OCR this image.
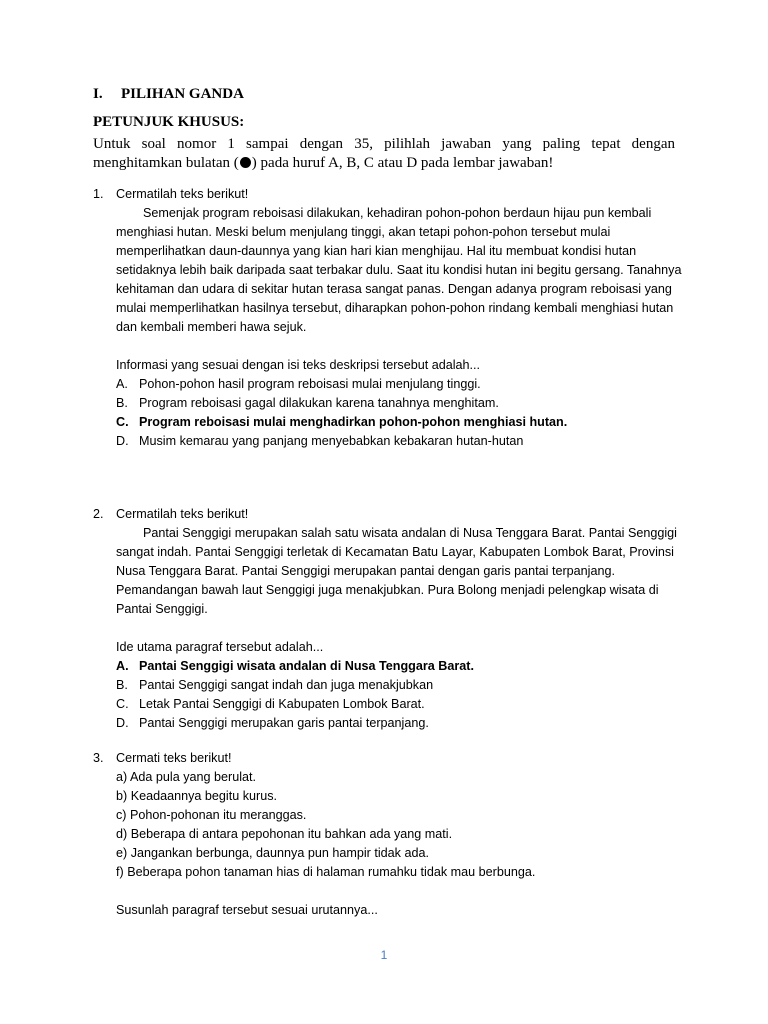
I.	PILIHAN GANDA
PETUNJUK KHUSUS:
Untuk soal nomor 1 sampai dengan 35, pilihlah jawaban yang paling tepat dengan menghitamkan bulatan ( ) pada huruf A, B, C atau D pada lembar jawaban!
1. Cermatilah teks berikut!
Semenjak program reboisasi dilakukan, kehadiran pohon-pohon berdaun hijau pun kembali menghiasi hutan. Meski belum menjulang tinggi, akan tetapi pohon-pohon tersebut mulai memperlihatkan daun-daunnya yang kian hari kian menghijau. Hal itu membuat kondisi hutan setidaknya lebih baik daripada saat terbakar dulu. Saat itu kondisi hutan ini begitu gersang. Tanahnya kehitaman dan udara di sekitar hutan terasa sangat panas. Dengan adanya program reboisasi yang mulai memperlihatkan hasilnya tersebut, diharapkan pohon-pohon rindang kembali menghiasi hutan dan kembali memberi hawa sejuk.
Informasi yang sesuai dengan isi teks deskripsi tersebut adalah...
A. Pohon-pohon hasil program reboisasi mulai menjulang tinggi.
B. Program reboisasi gagal dilakukan karena tanahnya menghitam.
C. Program reboisasi mulai menghadirkan pohon-pohon menghiasi hutan.
D. Musim kemarau yang panjang menyebabkan kebakaran hutan-hutan
2. Cermatilah teks berikut!
Pantai Senggigi merupakan salah satu wisata andalan di Nusa Tenggara Barat. Pantai Senggigi sangat indah. Pantai Senggigi terletak di Kecamatan Batu Layar, Kabupaten Lombok Barat, Provinsi Nusa Tenggara Barat. Pantai Senggigi merupakan pantai dengan garis pantai terpanjang. Pemandangan bawah laut Senggigi juga menakjubkan. Pura Bolong menjadi pelengkap wisata di Pantai Senggigi.
Ide utama paragraf tersebut adalah...
A. Pantai Senggigi wisata andalan di Nusa Tenggara Barat.
B. Pantai Senggigi sangat indah dan juga menakjubkan
C. Letak Pantai Senggigi di Kabupaten Lombok Barat.
D. Pantai Senggigi merupakan garis pantai terpanjang.
3. Cermati teks berikut!
a) Ada pula yang berulat.
b) Keadaannya begitu kurus.
c) Pohon-pohonan itu meranggas.
d) Beberapa di antara pepohonan itu bahkan ada yang mati.
e) Jangankan berbunga, daunnya pun hampir tidak ada.
f) Beberapa pohon tanaman hias di halaman rumahku tidak mau berbunga.
Susunlah paragraf tersebut sesuai urutannya...
1
